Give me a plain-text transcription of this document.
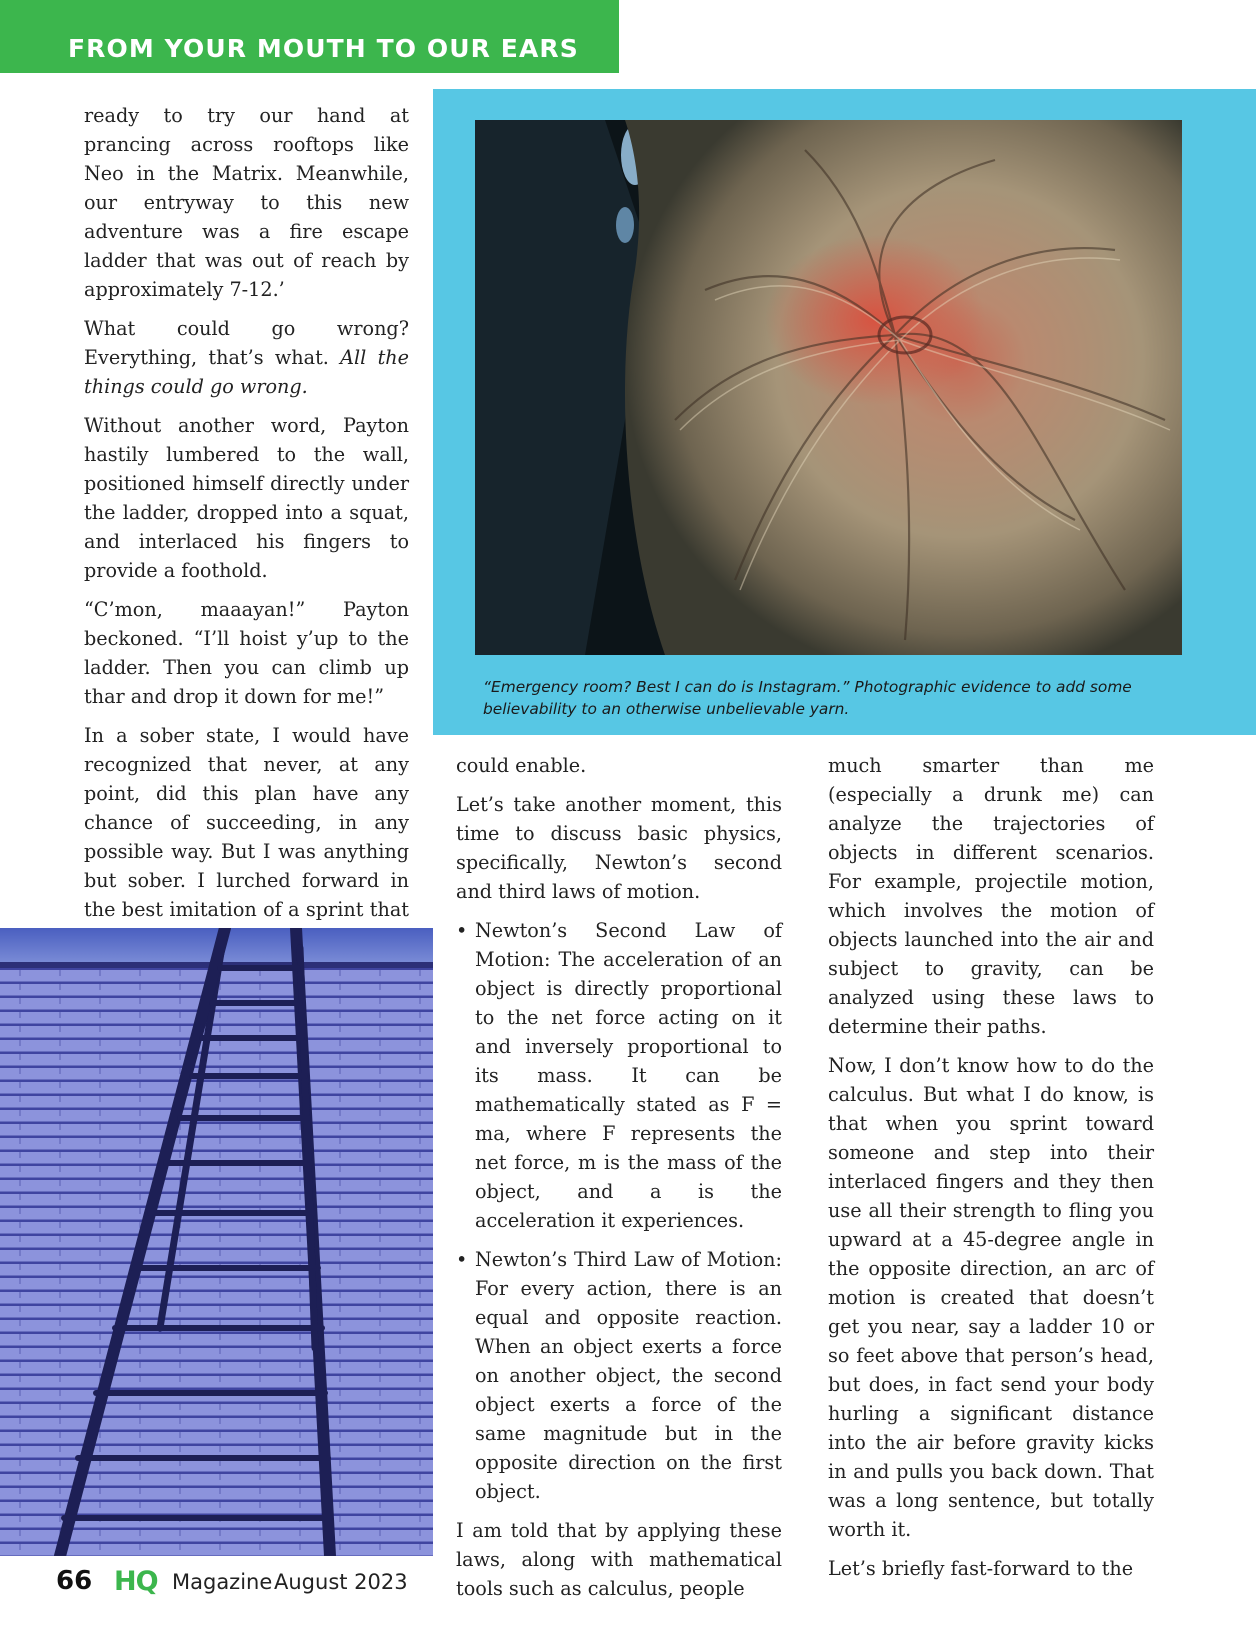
FROM YOUR MOUTH TO OUR EARS

ready to try our hand at prancing across rooftops like Neo in the Matrix. Meanwhile, our entryway to this new adventure was a fire escape ladder that was out of reach by approximately 7-12.’

What could go wrong? Everything, that’s what. All the things could go wrong.

Without another word, Payton hastily lumbered to the wall, positioned himself directly under the ladder, dropped into a squat, and interlaced his fingers to provide a foothold.

“C’mon, maaayan!” Payton beckoned. “I’ll hoist y’up to the ladder. Then you can climb up thar and drop it down for me!”

In a sober state, I would have recognized that never, at any point, did this plan have any chance of succeeding, in any possible way. But I was anything but sober. I lurched forward in the best imitation of a sprint that

“Emergency room? Best I can do is Instagram.” Photographic evidence to add some believability to an otherwise unbelievable yarn.

could enable.

Let’s take another moment, this time to discuss basic physics, specifically, Newton’s second and third laws of motion.

• Newton’s Second Law of Motion: The acceleration of an object is directly proportional to the net force acting on it and inversely proportional to its mass. It can be mathematically stated as F = ma, where F represents the net force, m is the mass of the object, and a is the acceleration it experiences.
• Newton’s Third Law of Motion: For every action, there is an equal and opposite reaction. When an object exerts a force on another object, the second object exerts a force of the same magnitude but in the opposite direction on the first object.

I am told that by applying these laws, along with mathematical tools such as calculus, people

much smarter than me (especially a drunk me) can analyze the trajectories of objects in different scenarios. For example, projectile motion, which involves the motion of objects launched into the air and subject to gravity, can be analyzed using these laws to determine their paths.

Now, I don’t know how to do the calculus. But what I do know, is that when you sprint toward someone and step into their interlaced fingers and they then use all their strength to fling you upward at a 45-degree angle in the opposite direction, an arc of motion is created that doesn’t get you near, say a ladder 10 or so feet above that person’s head, but does, in fact send your body hurling a significant distance into the air before gravity kicks in and pulls you back down. That was a long sentence, but totally worth it.

Let’s briefly fast-forward to the

66 HQ Magazine August 2023
